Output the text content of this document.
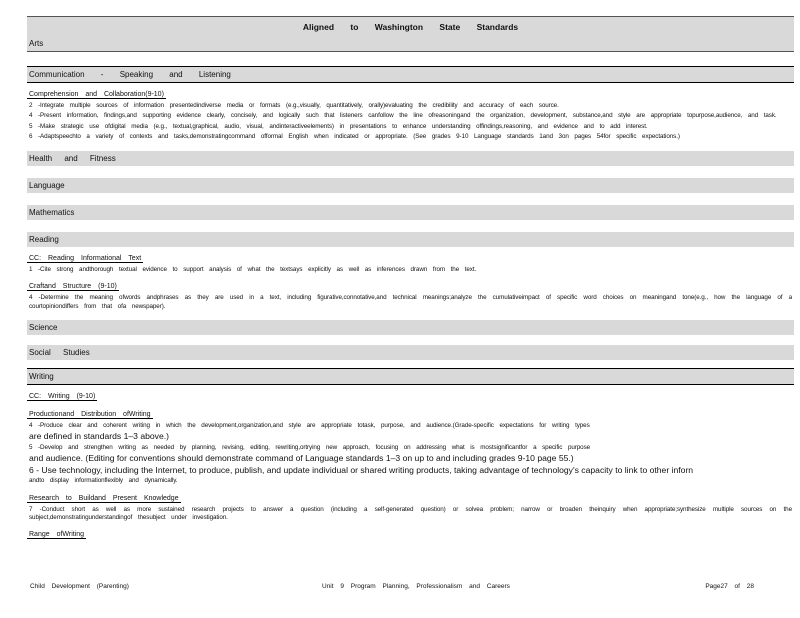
Aligned to Washington State Standards
Arts
Communication - Speaking and Listening
Comprehension and Collaboration(9-10)
2 -Integrate multiple sources of information presentedindiverse media or formats (e.g.,visually, quantitatively, orally)evaluating the credibility and accuracy of each source.
4 -Present information, findings,and supporting evidence clearly, concisely, and logically such that listeners canfollow the line ofreasoningand the organization, development, substance,and style are appropriate topurpose,audience, and task.
5 -Make strategic use ofdigital media (e.g., textual,graphical, audio, visual, andinteractiveelements) in presentations to enhance understanding offindings,reasoning, and evidence and to add interest.
6 -Adaptspeechto a variety of contexts and tasks,demonstratingcommand offormal English when indicated or appropriate. (See grades 9-10 Language standards 1and 3on pages 54for specific expectations.)
Health and Fitness
Language
Mathematics
Reading
CC: Reading Informational Text
1 -Cite strong andthorough textual evidence to support analysis of what the textsays explicitly as well as inferences drawn from the text.
Craftand Structure (9-10)
4 -Determine the meaning ofwords andphrases as they are used in a text, including figurative,connotative,and technical meanings;analyze the cumulativeimpact of specific word choices on meaningand tone(e.g., how the language of a courtopiniondiffers from that ofa newspaper).
Science
Social Studies
Writing
CC: Writing (9-10)
Productionand Distribution ofWriting
4 -Produce clear and coherent writing in which the development,organization,and style are appropriate totask, purpose, and audience.(Grade-specific expectations for writing types
are defined in standards 1–3 above.)
5 -Develop and strengthen writing as needed by planning, revising, editing, rewriting,ortrying new approach, focusing on addressing what is mostsignificantfor a specific purpose
and audience. (Editing for conventions should demonstrate command of Language standards 1–3 on up to and including grades 9-10 page 55.)
6 - Use technology, including the Internet, to produce, publish, and update individual or shared writing products, taking advantage of technology's capacity to link to other inforn
andto display informationflexibly and dynamically.
Research to Buildand Present Knowledge
7 -Conduct short as well as more sustained research projects to answer a question (including a self-generated question) or solvea problem; narrow or broaden theinquiry when appropriate;synthesize multiple sources on the subject,demonstratingunderstandingof thesubject under investigation.
Range ofWriting
Child Development (Parenting)	Unit 9 Program Planning, Professionalism and Careers	Page27 of 28
